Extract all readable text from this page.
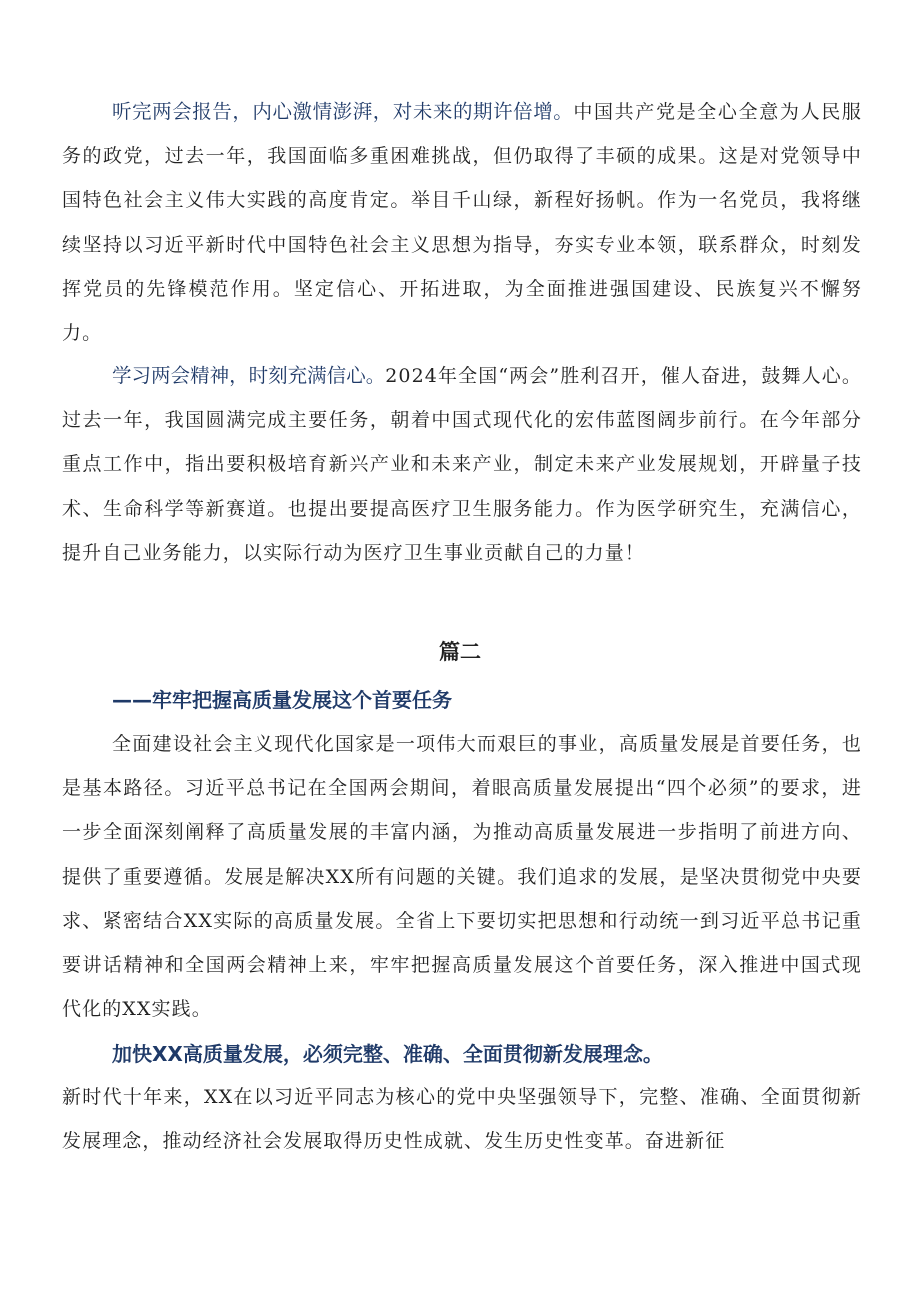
听完两会报告，内心激情澎湃，对未来的期许倍增。中国共产党是全心全意为人民服务的政党，过去一年，我国面临多重困难挑战，但仍取得了丰硕的成果。这是对党领导中国特色社会主义伟大实践的高度肯定。举目千山绿，新程好扬帆。作为一名党员，我将继续坚持以习近平新时代中国特色社会主义思想为指导，夯实专业本领，联系群众，时刻发挥党员的先锋模范作用。坚定信心、开拓进取，为全面推进强国建设、民族复兴不懈努力。

学习两会精神，时刻充满信心。2024年全国“两会”胜利召开，催人奋进，鼓舞人心。过去一年，我国圆满完成主要任务，朝着中国式现代化的宏伟蓝图阔步前行。在今年部分重点工作中，指出要积极培育新兴产业和未来产业，制定未来产业发展规划，开辟量子技术、生命科学等新赛道。也提出要提高医疗卫生服务能力。作为医学研究生，充满信心，提升自己业务能力，以实际行动为医疗卫生事业贡献自己的力量！

篇二
——牢牢把握高质量发展这个首要任务

全面建设社会主义现代化国家是一项伟大而艰巨的事业，高质量发展是首要任务，也是基本路径。习近平总书记在全国两会期间，着眼高质量发展提出“四个必须”的要求，进一步全面深刻阐释了高质量发展的丰富内涵，为推动高质量发展进一步指明了前进方向、提供了重要遵循。发展是解决XX所有问题的关键。我们追求的发展，是坚决贯彻党中央要求、紧密结合XX实际的高质量发展。全省上下要切实把思想和行动统一到习近平总书记重要讲话精神和全国两会精神上来，牢牢把握高质量发展这个首要任务，深入推进中国式现代化的XX实践。

加快XX高质量发展，必须完整、准确、全面贯彻新发展理念。

新时代十年来，XX在以习近平同志为核心的党中央坚强领导下，完整、准确、全面贯彻新发展理念，推动经济社会发展取得历史性成就、发生历史性变革。奋进新征
